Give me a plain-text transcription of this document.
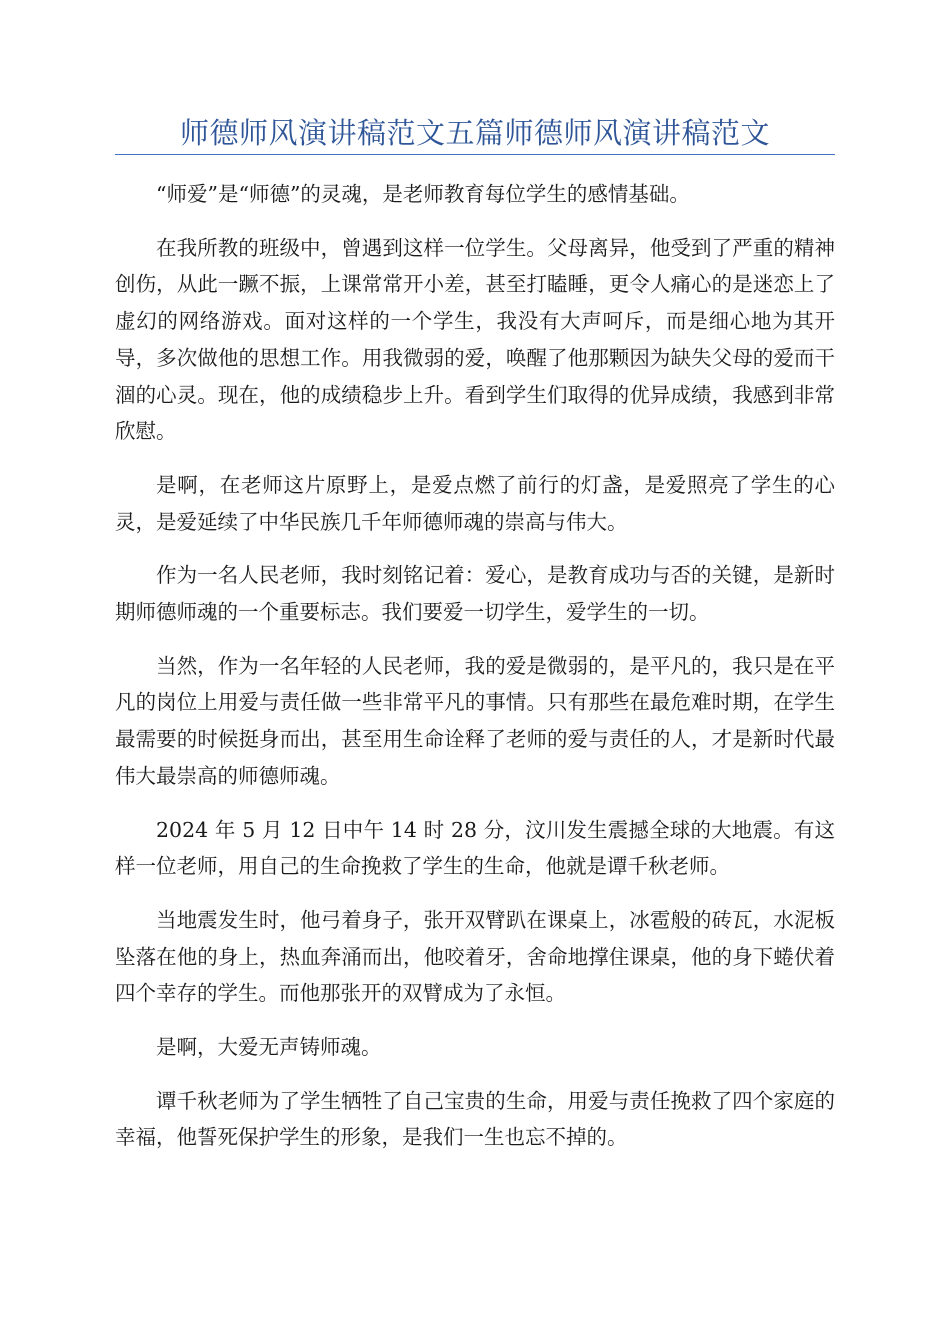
师德师风演讲稿范文五篇师德师风演讲稿范文

“师爱”是“师德”的灵魂，是老师教育每位学生的感情基础。

在我所教的班级中，曾遇到这样一位学生。父母离异，他受到了严重的精神创伤，从此一蹶不振，上课常常开小差，甚至打瞌睡，更令人痛心的是迷恋上了虚幻的网络游戏。面对这样的一个学生，我没有大声呵斥，而是细心地为其开导，多次做他的思想工作。用我微弱的爱，唤醒了他那颗因为缺失父母的爱而干涸的心灵。现在，他的成绩稳步上升。看到学生们取得的优异成绩，我感到非常欣慰。

是啊，在老师这片原野上，是爱点燃了前行的灯盏，是爱照亮了学生的心灵，是爱延续了中华民族几千年师德师魂的崇高与伟大。

作为一名人民老师，我时刻铭记着：爱心，是教育成功与否的关键，是新时期师德师魂的一个重要标志。我们要爱一切学生，爱学生的一切。

当然，作为一名年轻的人民老师，我的爱是微弱的，是平凡的，我只是在平凡的岗位上用爱与责任做一些非常平凡的事情。只有那些在最危难时期，在学生最需要的时候挺身而出，甚至用生命诠释了老师的爱与责任的人，才是新时代最伟大最崇高的师德师魂。

2024 年 5 月 12 日中午 14 时 28 分，汶川发生震撼全球的大地震。有这样一位老师，用自己的生命挽救了学生的生命，他就是谭千秋老师。

当地震发生时，他弓着身子，张开双臂趴在课桌上，冰雹般的砖瓦，水泥板坠落在他的身上，热血奔涌而出，他咬着牙，舍命地撑住课桌，他的身下蜷伏着四个幸存的学生。而他那张开的双臂成为了永恒。

是啊，大爱无声铸师魂。

谭千秋老师为了学生牺牲了自己宝贵的生命，用爱与责任挽救了四个家庭的幸福，他誓死保护学生的形象，是我们一生也忘不掉的。
